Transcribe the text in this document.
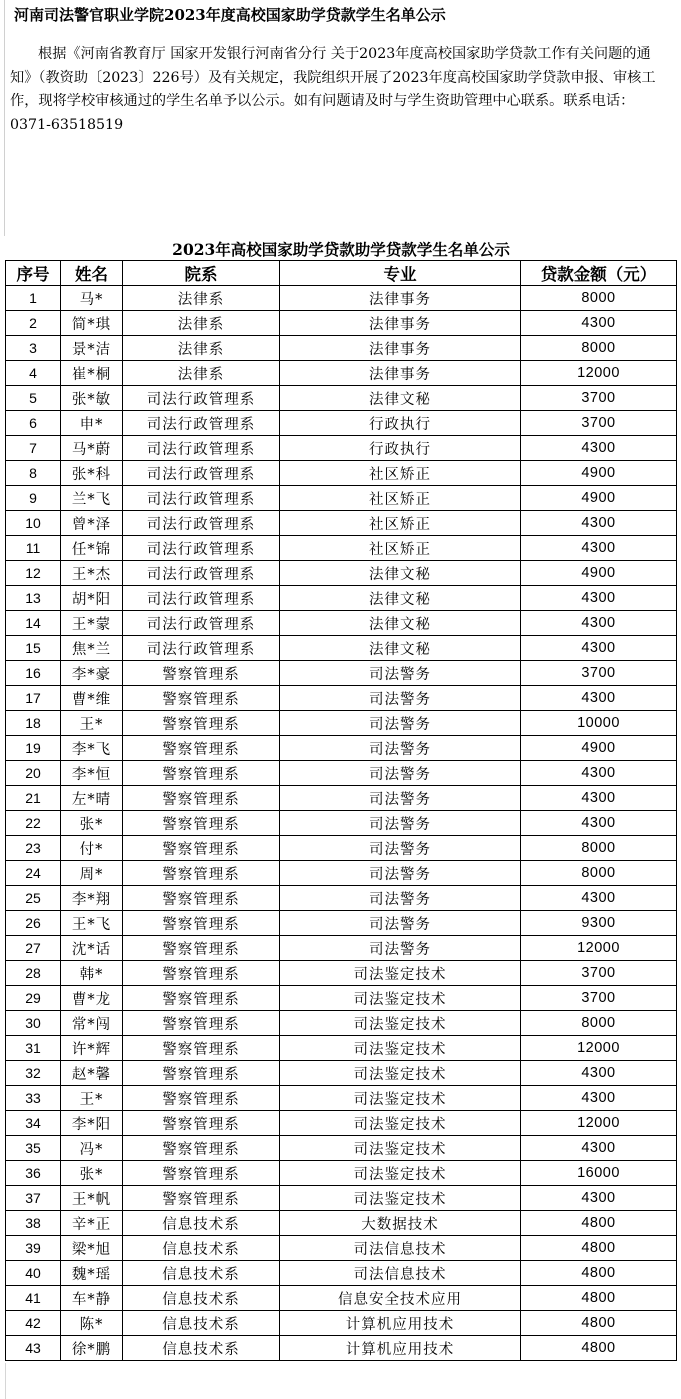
河南司法警官职业学院2023年度高校国家助学贷款学生名单公示

根据《河南省教育厅 国家开发银行河南省分行 关于2023年度高校国家助学贷款工作有关问题的通知》（教资助〔2023〕226号）及有关规定，我院组织开展了2023年度高校国家助学贷款申报、审核工作，现将学校审核通过的学生名单予以公示。如有问题请及时与学生资助管理中心联系。联系电话：0371-63518519

2023年高校国家助学贷款助学贷款学生名单公示				
序号	姓名	院系	专业	贷款金额（元）
1	马*	法律系	法律事务	8000
2	简*琪	法律系	法律事务	4300
3	景*洁	法律系	法律事务	8000
4	崔*桐	法律系	法律事务	12000
5	张*敏	司法行政管理系	法律文秘	3700
6	申*	司法行政管理系	行政执行	3700
7	马*蔚	司法行政管理系	行政执行	4300
8	张*科	司法行政管理系	社区矫正	4900
9	兰*飞	司法行政管理系	社区矫正	4900
10	曾*泽	司法行政管理系	社区矫正	4300
11	任*锦	司法行政管理系	社区矫正	4300
12	王*杰	司法行政管理系	法律文秘	4900
13	胡*阳	司法行政管理系	法律文秘	4300
14	王*蒙	司法行政管理系	法律文秘	4300
15	焦*兰	司法行政管理系	法律文秘	4300
16	李*豪	警察管理系	司法警务	3700
17	曹*维	警察管理系	司法警务	4300
18	王*	警察管理系	司法警务	10000
19	李*飞	警察管理系	司法警务	4900
20	李*恒	警察管理系	司法警务	4300
21	左*晴	警察管理系	司法警务	4300
22	张*	警察管理系	司法警务	4300
23	付*	警察管理系	司法警务	8000
24	周*	警察管理系	司法警务	8000
25	李*翔	警察管理系	司法警务	4300
26	王*飞	警察管理系	司法警务	9300
27	沈*话	警察管理系	司法警务	12000
28	韩*	警察管理系	司法鉴定技术	3700
29	曹*龙	警察管理系	司法鉴定技术	3700
30	常*闯	警察管理系	司法鉴定技术	8000
31	许*辉	警察管理系	司法鉴定技术	12000
32	赵*馨	警察管理系	司法鉴定技术	4300
33	王*	警察管理系	司法鉴定技术	4300
34	李*阳	警察管理系	司法鉴定技术	12000
35	冯*	警察管理系	司法鉴定技术	4300
36	张*	警察管理系	司法鉴定技术	16000
37	王*帆	警察管理系	司法鉴定技术	4300
38	辛*正	信息技术系	大数据技术	4800
39	梁*旭	信息技术系	司法信息技术	4800
40	魏*瑶	信息技术系	司法信息技术	4800
41	车*静	信息技术系	信息安全技术应用	4800
42	陈*	信息技术系	计算机应用技术	4800
43	徐*鹏	信息技术系	计算机应用技术	4800
